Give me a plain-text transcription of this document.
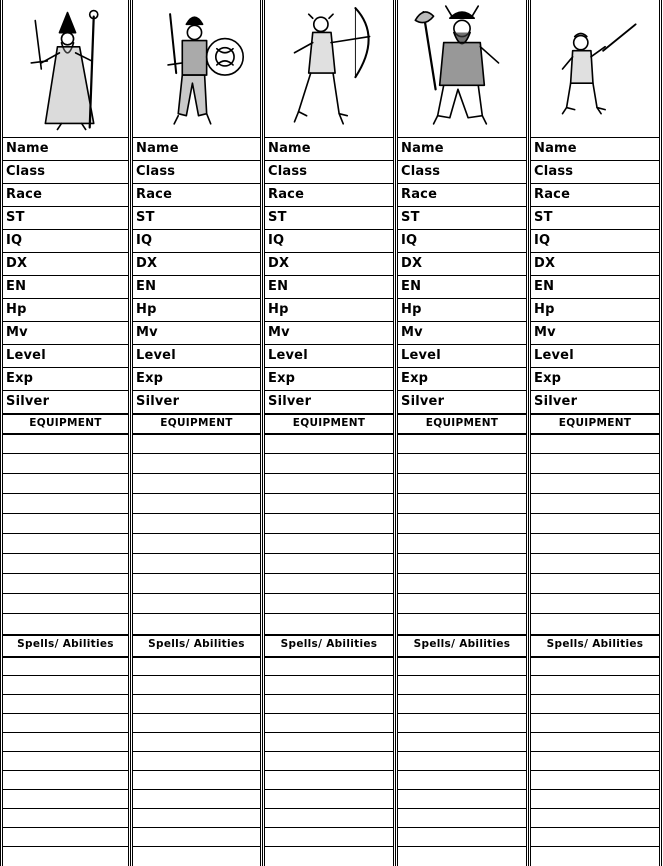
Name
Class
Race
ST
IQ
DX
EN
Hp
Mv
Level
Exp
Silver
EQUIPMENT
Spells/ Abilities
Name
Class
Race
ST
IQ
DX
EN
Hp
Mv
Level
Exp
Silver
EQUIPMENT
Spells/ Abilities
Name
Class
Race
ST
IQ
DX
EN
Hp
Mv
Level
Exp
Silver
EQUIPMENT
Spells/ Abilities
Name
Class
Race
ST
IQ
DX
EN
Hp
Mv
Level
Exp
Silver
EQUIPMENT
Spells/ Abilities
Name
Class
Race
ST
IQ
DX
EN
Hp
Mv
Level
Exp
Silver
EQUIPMENT
Spells/ Abilities
